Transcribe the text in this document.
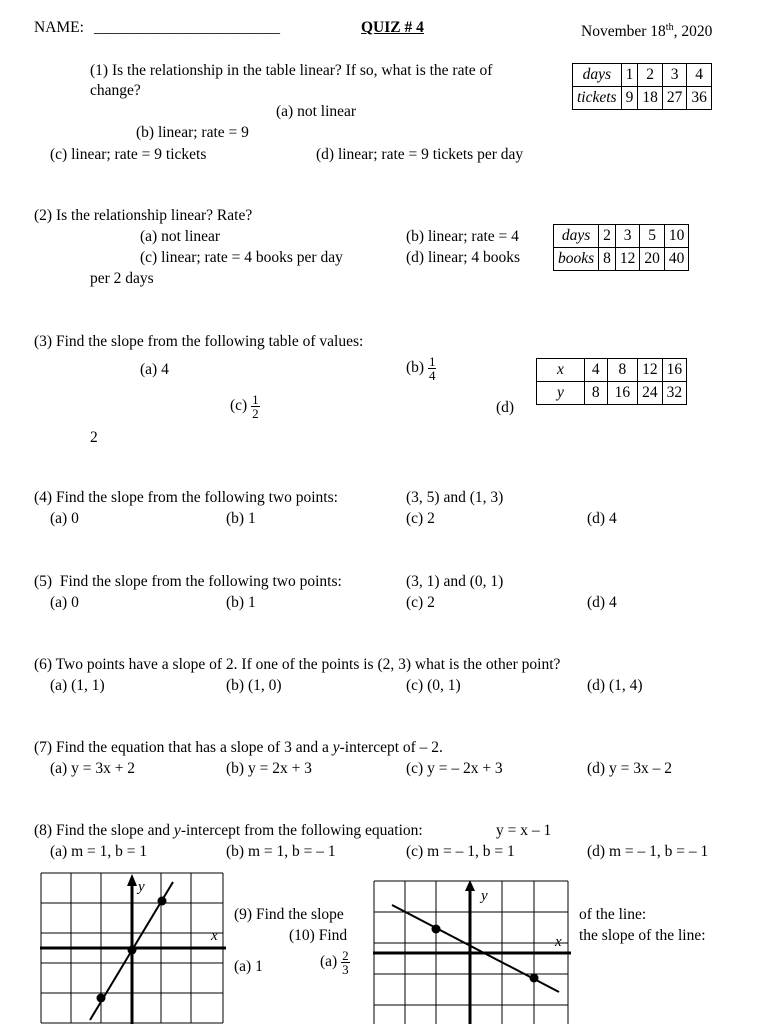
NAME: ________________________	QUIZ # 4	November 18th, 2020
(1) Is the relationship in the table linear? If so, what is the rate of
change?
(a) not linear
(b) linear; rate = 9
(c) linear; rate = 9 tickets	(d) linear; rate = 9 tickets per day
days	1	2	3	4
tickets	9	18	27	36
(2) Is the relationship linear? Rate?
(a) not linear	(b) linear; rate = 4
(c) linear; rate = 4 books per day	(d) linear; 4 books
per 2 days
days	2	3	5	10
books	8	12	20	40
(3) Find the slope from the following table of values:
(a) 4	$(b) \frac{1}{4}$
$(c) \frac{1}{2}$	(d)
2
x	4	8	12	16
y	8	16	24	32
(4) Find the slope from the following two points:	(3, 5) and (1, 3)
(a) 0	(b) 1	(c) 2	(d) 4
(5)  Find the slope from the following two points:	(3, 1) and (0, 1)
(a) 0	(b) 1	(c) 2	(d) 4
(6) Two points have a slope of 2. If one of the points is (2, 3) what is the other point?
(a) (1, 1)	(b) (1, 0)	(c) (0, 1)	(d) (1, 4)
(7) Find the equation that has a slope of 3 and a y-intercept of – 2.
(a) y = 3x + 2	(b) y = 2x + 3	(c) y = – 2x + 3	(d) y = 3x – 2
(8) Find the slope and y-intercept from the following equation:	y = x – 1
(a) m = 1, b = 1	(b) m = 1, b = – 1	(c) m = – 1, b = 1	(d) m = – 1, b = – 1
y
x
(9) Find the slope	of the line:
(10) Find	the slope of the line:
(a) 1	$(a) \frac{2}{3}$
y
x
